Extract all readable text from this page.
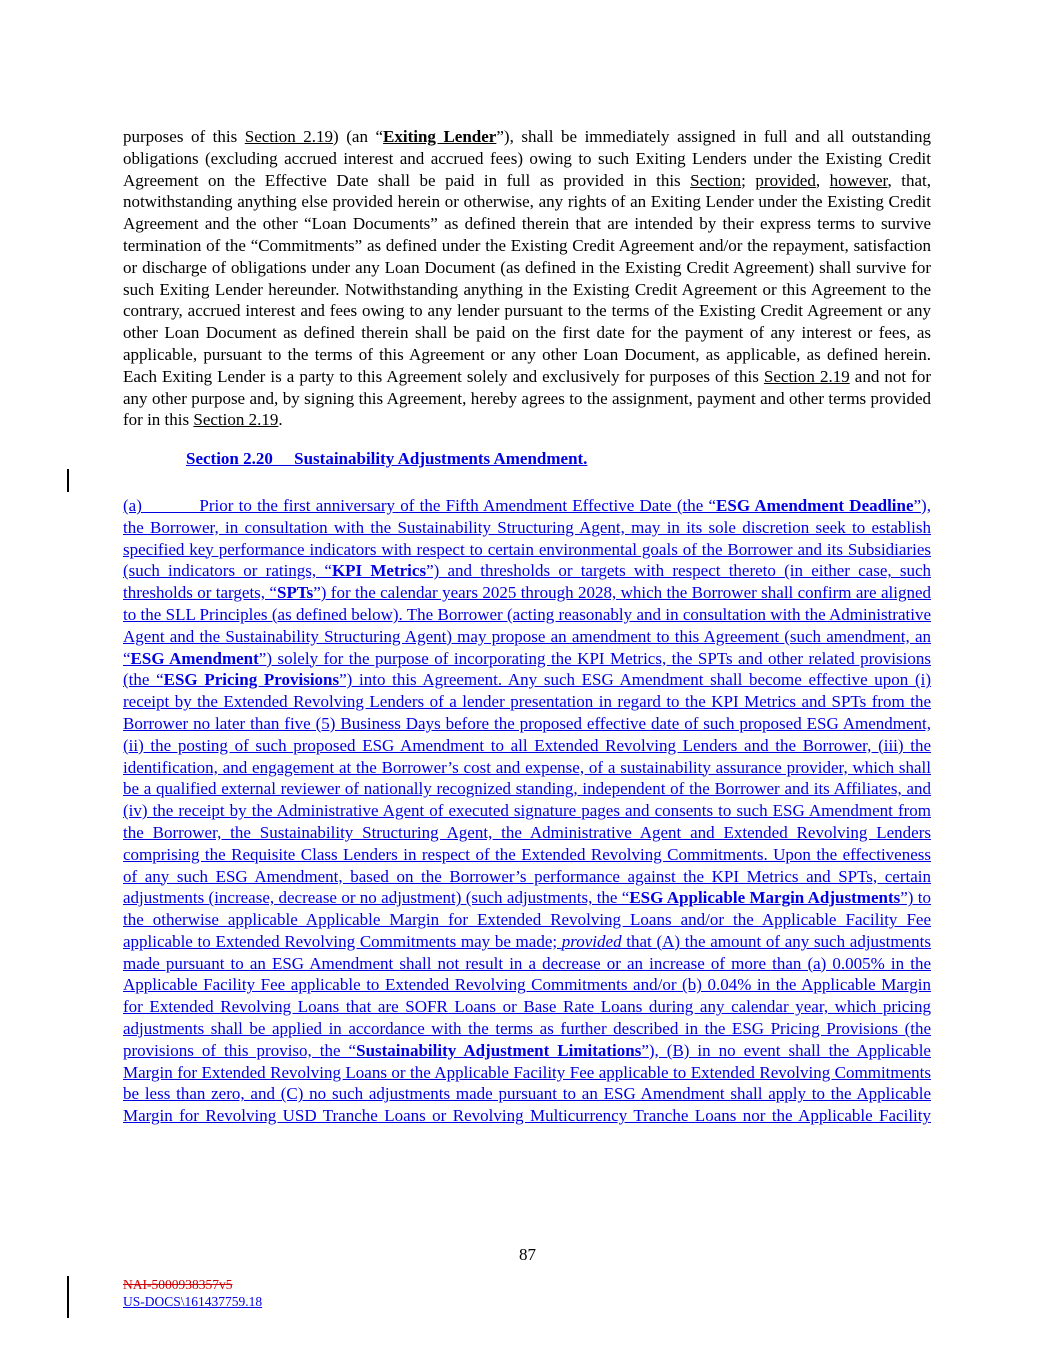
purposes of this Section 2.19) (an “Exiting Lender”), shall be immediately assigned in full and all outstanding obligations (excluding accrued interest and accrued fees) owing to such Exiting Lenders under the Existing Credit Agreement on the Effective Date shall be paid in full as provided in this Section; provided, however, that, notwithstanding anything else provided herein or otherwise, any rights of an Exiting Lender under the Existing Credit Agreement and the other “Loan Documents” as defined therein that are intended by their express terms to survive termination of the “Commitments” as defined under the Existing Credit Agreement and/or the repayment, satisfaction or discharge of obligations under any Loan Document (as defined in the Existing Credit Agreement) shall survive for such Exiting Lender hereunder. Notwithstanding anything in the Existing Credit Agreement or this Agreement to the contrary, accrued interest and fees owing to any lender pursuant to the terms of the Existing Credit Agreement or any other Loan Document as defined therein shall be paid on the first date for the payment of any interest or fees, as applicable, pursuant to the terms of this Agreement or any other Loan Document, as applicable, as defined herein. Each Exiting Lender is a party to this Agreement solely and exclusively for purposes of this Section 2.19 and not for any other purpose and, by signing this Agreement, hereby agrees to the assignment, payment and other terms provided for in this Section 2.19.

Section 2.20     Sustainability Adjustments Amendment.

(a)           Prior to the first anniversary of the Fifth Amendment Effective Date (the “ESG Amendment Deadline”), the Borrower, in consultation with the Sustainability Structuring Agent, may in its sole discretion seek to establish specified key performance indicators with respect to certain environmental goals of the Borrower and its Subsidiaries (such indicators or ratings, “KPI Metrics”) and thresholds or targets with respect thereto (in either case, such thresholds or targets, “SPTs”) for the calendar years 2025 through 2028, which the Borrower shall confirm are aligned to the SLL Principles (as defined below). The Borrower (acting reasonably and in consultation with the Administrative Agent and the Sustainability Structuring Agent) may propose an amendment to this Agreement (such amendment, an “ESG Amendment”) solely for the purpose of incorporating the KPI Metrics, the SPTs and other related provisions (the “ESG Pricing Provisions”) into this Agreement. Any such ESG Amendment shall become effective upon (i) receipt by the Extended Revolving Lenders of a lender presentation in regard to the KPI Metrics and SPTs from the Borrower no later than five (5) Business Days before the proposed effective date of such proposed ESG Amendment, (ii) the posting of such proposed ESG Amendment to all Extended Revolving Lenders and the Borrower, (iii) the identification, and engagement at the Borrower’s cost and expense, of a sustainability assurance provider, which shall be a qualified external reviewer of nationally recognized standing, independent of the Borrower and its Affiliates, and (iv) the receipt by the Administrative Agent of executed signature pages and consents to such ESG Amendment from the Borrower, the Sustainability Structuring Agent, the Administrative Agent and Extended Revolving Lenders comprising the Requisite Class Lenders in respect of the Extended Revolving Commitments. Upon the effectiveness of any such ESG Amendment, based on the Borrower’s performance against the KPI Metrics and SPTs, certain adjustments (increase, decrease or no adjustment) (such adjustments, the “ESG Applicable Margin Adjustments”) to the otherwise applicable Applicable Margin for Extended Revolving Loans and/or the Applicable Facility Fee applicable to Extended Revolving Commitments may be made; provided that (A) the amount of any such adjustments made pursuant to an ESG Amendment shall not result in a decrease or an increase of more than (a) 0.005% in the Applicable Facility Fee applicable to Extended Revolving Commitments and/or (b) 0.04% in the Applicable Margin for Extended Revolving Loans that are SOFR Loans or Base Rate Loans during any calendar year, which pricing adjustments shall be applied in accordance with the terms as further described in the ESG Pricing Provisions (the provisions of this proviso, the “Sustainability Adjustment Limitations”), (B) in no event shall the Applicable Margin for Extended Revolving Loans or the Applicable Facility Fee applicable to Extended Revolving Commitments be less than zero, and (C) no such adjustments made pursuant to an ESG Amendment shall apply to the Applicable Margin for Revolving USD Tranche Loans or Revolving Multicurrency Tranche Loans nor the Applicable Facility

87
NAI-5000938357v5
US-DOCS\161437759.18
